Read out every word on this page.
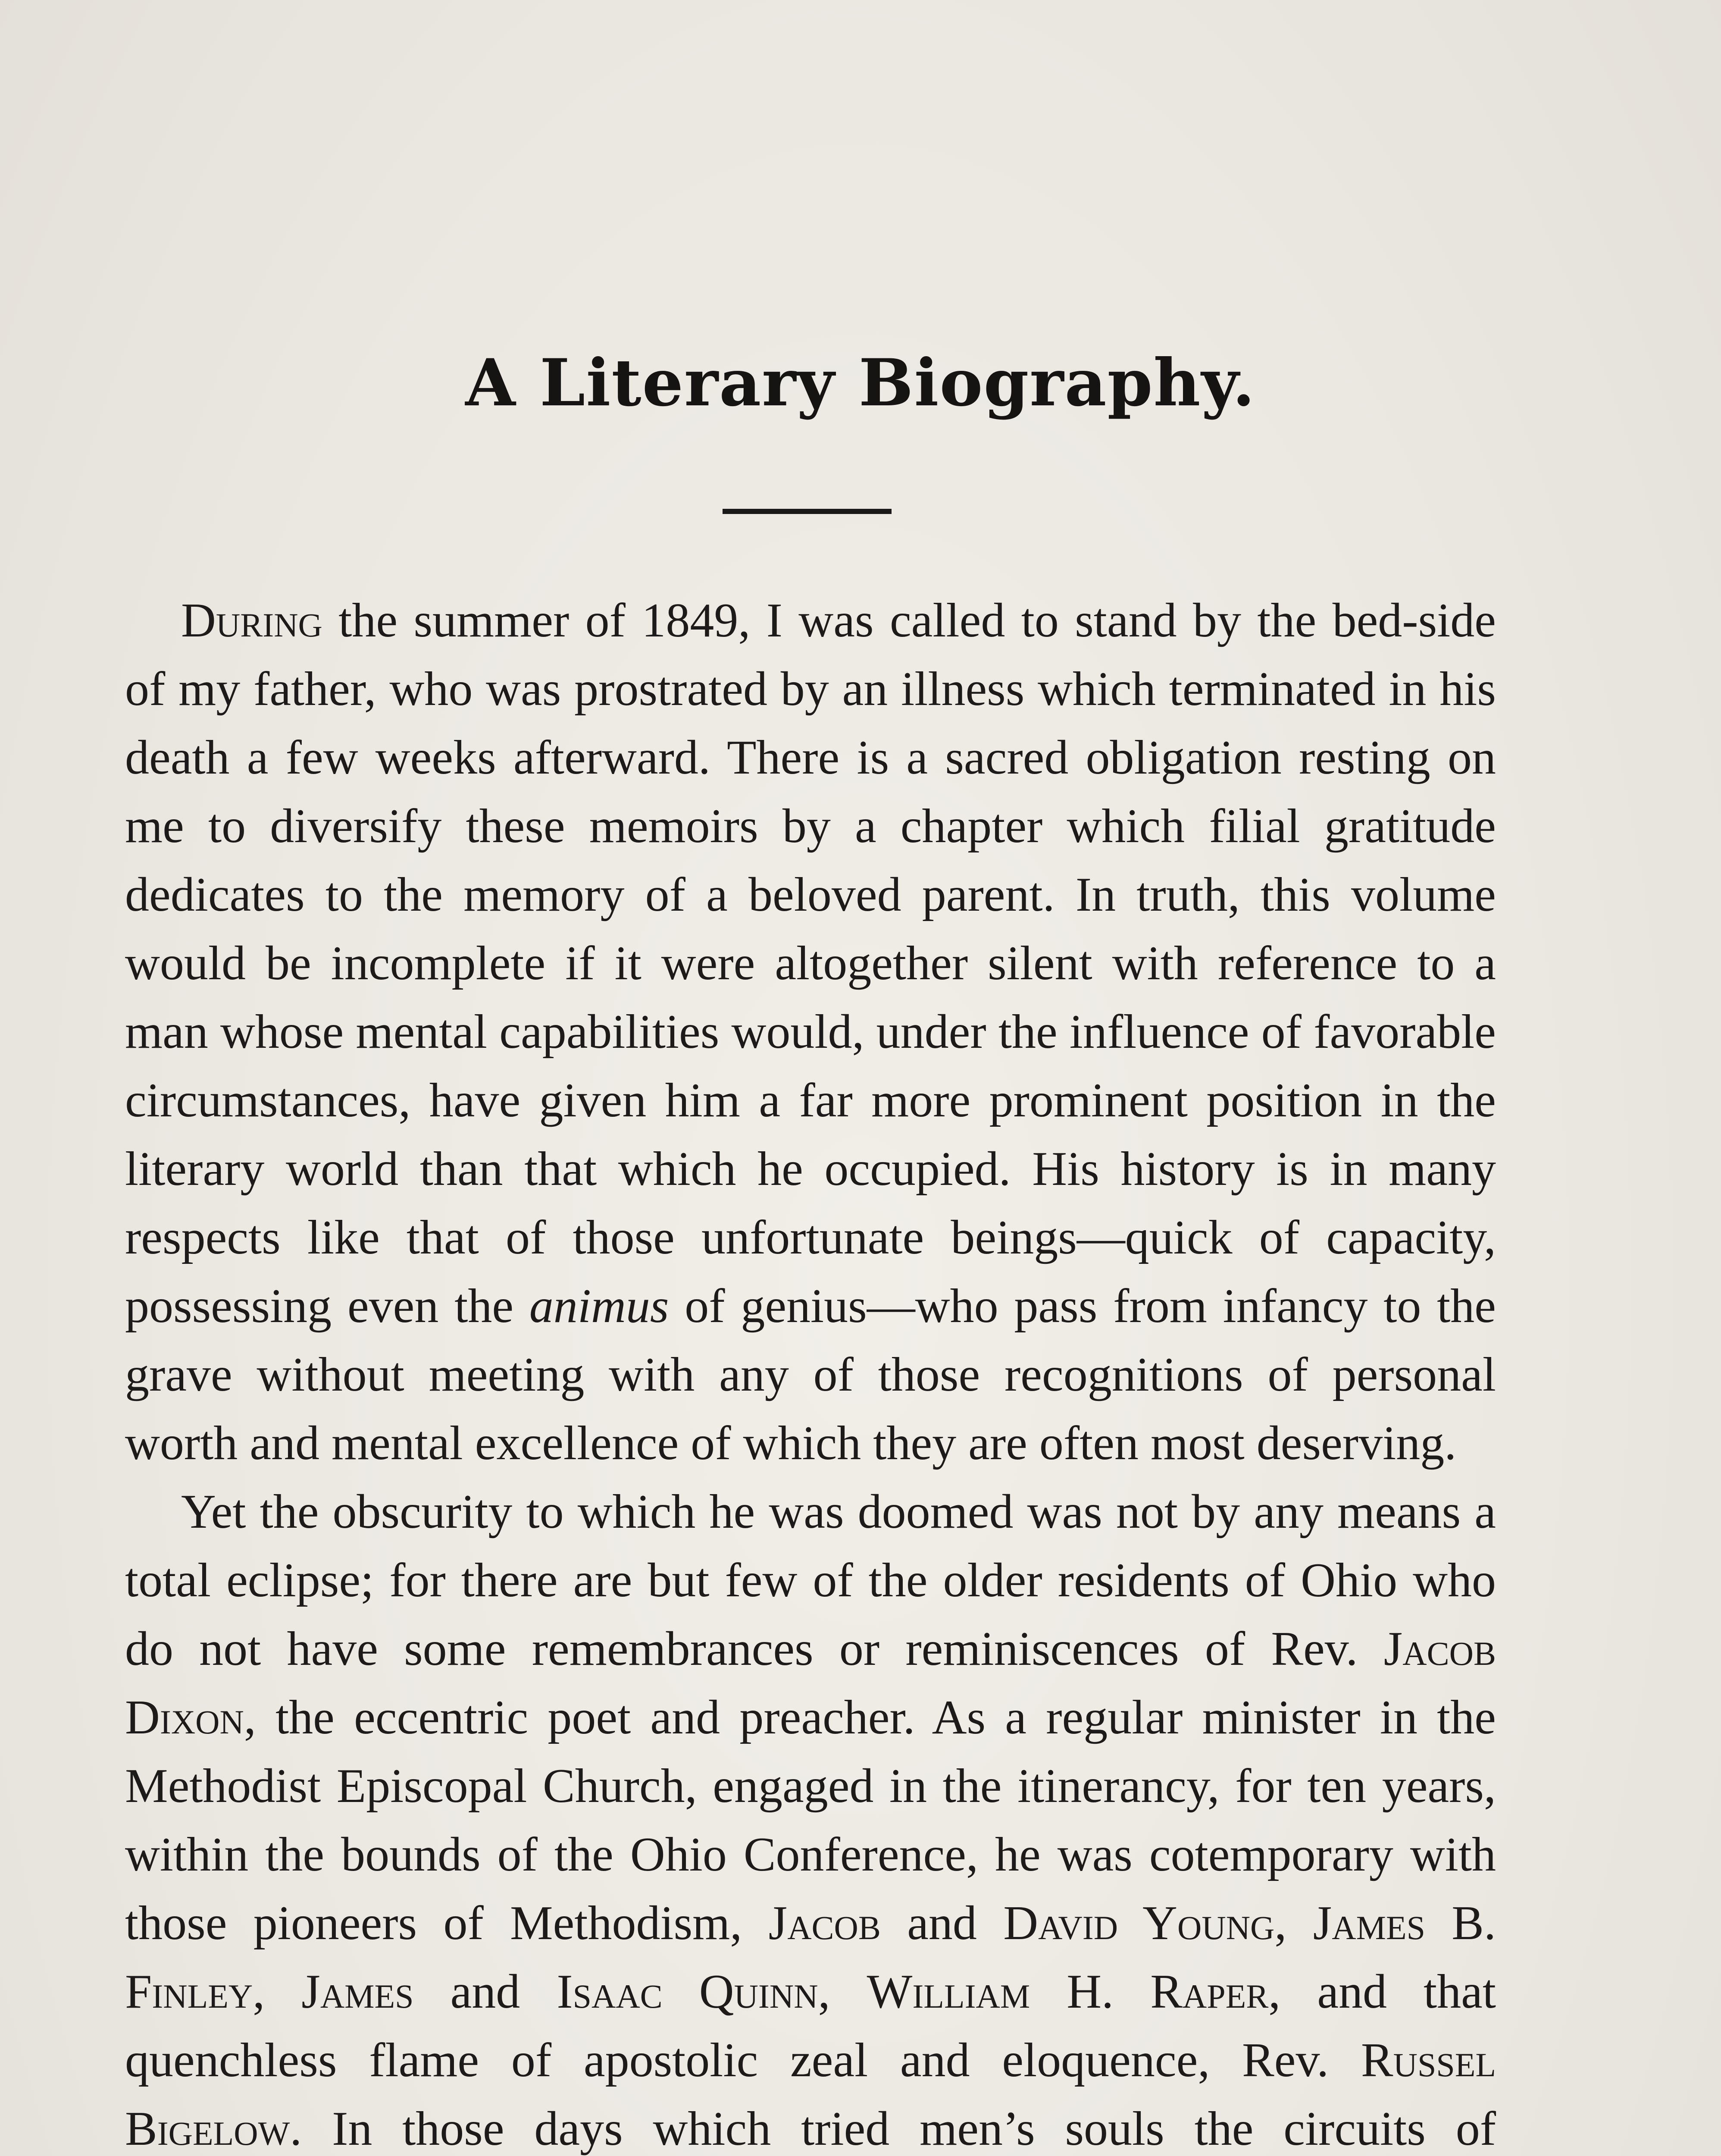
A Literary Biography.

During the summer of 1849, I was called to stand by the bed-side of my father, who was prostrated by an illness which terminated in his death a few weeks afterward. There is a sacred obligation resting on me to diversify these memoirs by a chapter which filial gratitude dedicates to the memory of a beloved parent. In truth, this volume would be incomplete if it were altogether silent with reference to a man whose mental capabilities would, under the influence of favorable circumstances, have given him a far more prominent position in the literary world than that which he occupied. His history is in many respects like that of those unfortunate beings—quick of capacity, possessing even the animus of genius—who pass from infancy to the grave without meeting with any of those recognitions of personal worth and mental excellence of which they are often most deserving.

Yet the obscurity to which he was doomed was not by any means a total eclipse; for there are but few of the older residents of Ohio who do not have some remembrances or reminiscences of Rev. Jacob Dixon, the eccentric poet and preacher. As a regular minister in the Methodist Episcopal Church, engaged in the itinerancy, for ten years, within the bounds of the Ohio Conference, he was cotemporary with those pioneers of Methodism, Jacob and David Young, James B. Finley, James and Isaac Quinn, William H. Raper, and that quenchless flame of apostolic zeal and eloquence, Rev. Russel Bigelow. In those days which tried men’s souls the circuits of
